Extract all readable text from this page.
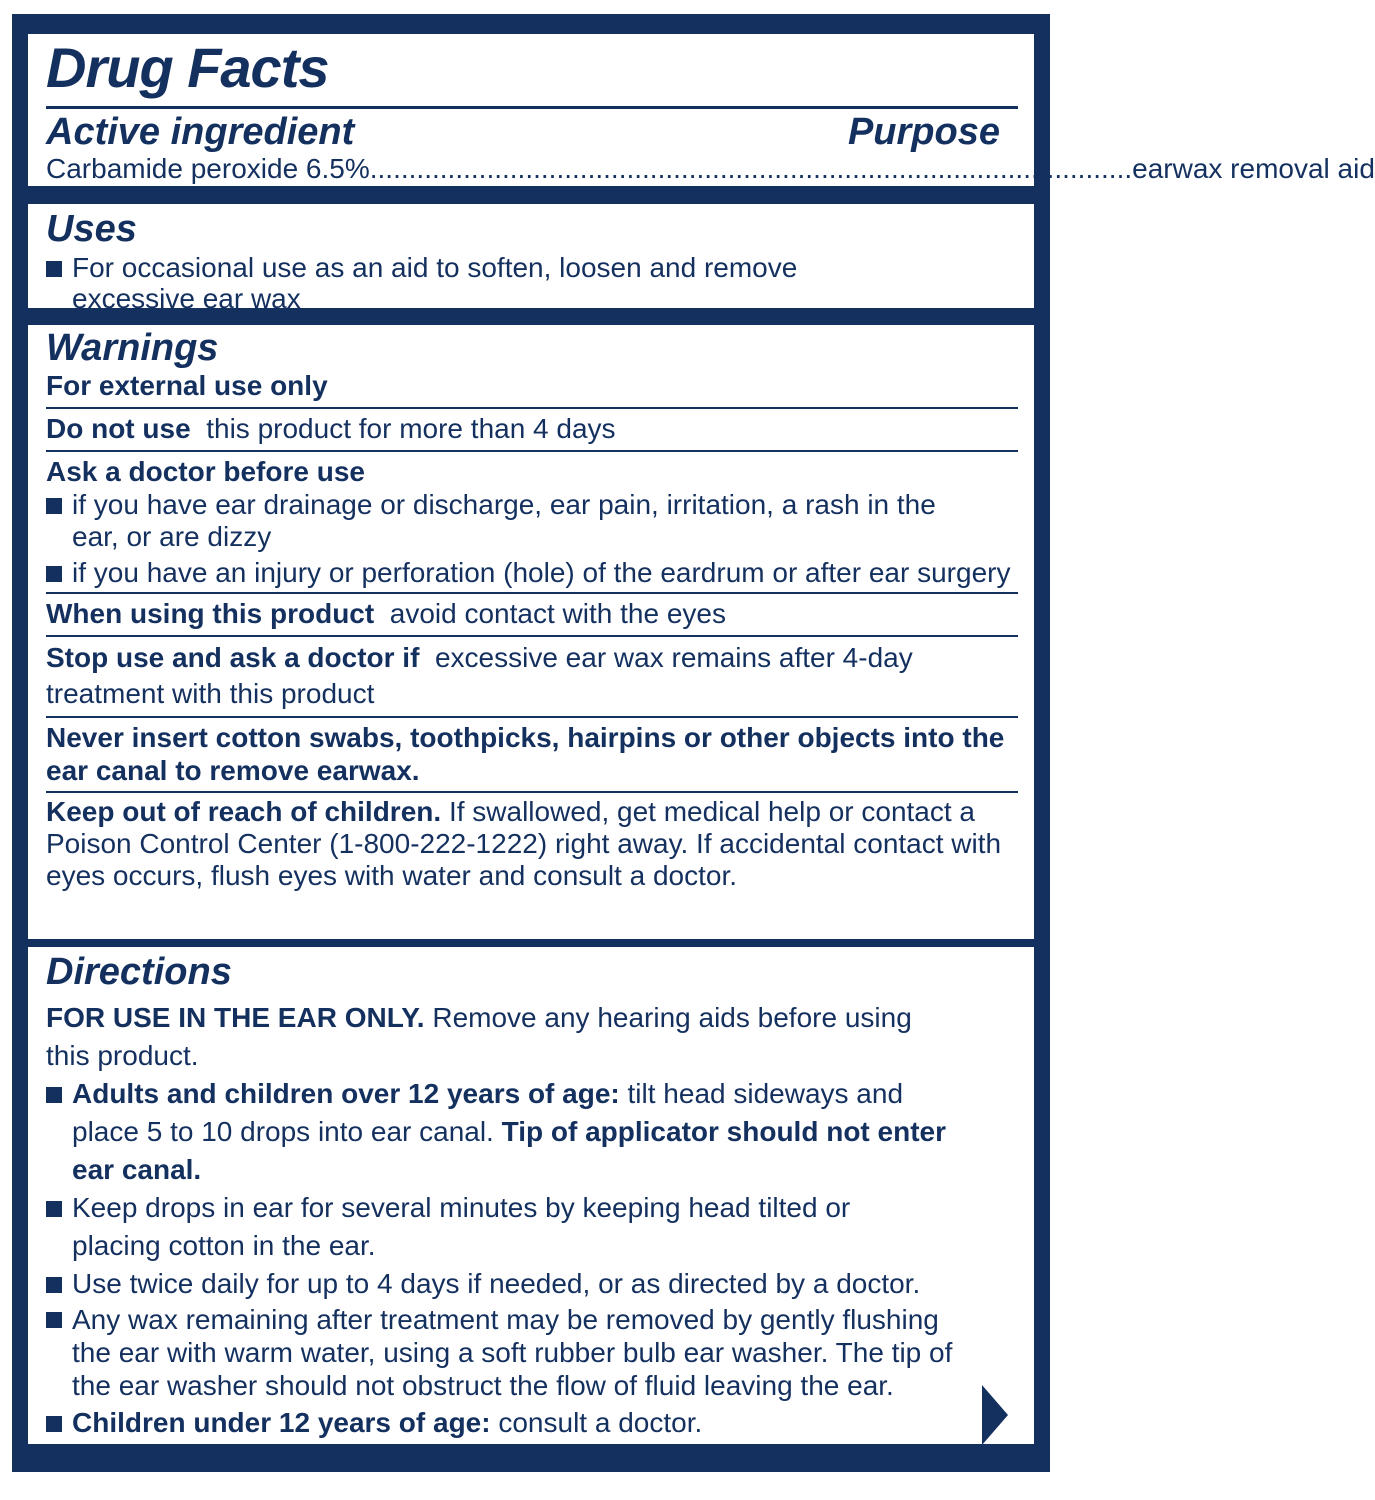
Drug Facts
Active ingredient	Purpose
Carbamide peroxide 6.5% .................................................................................................. earwax removal aid
Uses
For occasional use as an aid to soften, loosen and remove excessive ear wax
Warnings
For external use only
Do not use this product for more than 4 days
Ask a doctor before use
if you have ear drainage or discharge, ear pain, irritation, a rash in the ear, or are dizzy
if you have an injury or perforation (hole) of the eardrum or after ear surgery
When using this product avoid contact with the eyes
Stop use and ask a doctor if excessive ear wax remains after 4-day treatment with this product
Never insert cotton swabs, toothpicks, hairpins or other objects into the ear canal to remove earwax.
Keep out of reach of children. If swallowed, get medical help or contact a Poison Control Center (1-800-222-1222) right away. If accidental contact with eyes occurs, flush eyes with water and consult a doctor.
Directions
FOR USE IN THE EAR ONLY. Remove any hearing aids before using this product.
Adults and children over 12 years of age: tilt head sideways and place 5 to 10 drops into ear canal. Tip of applicator should not enter ear canal.
Keep drops in ear for several minutes by keeping head tilted or placing cotton in the ear.
Use twice daily for up to 4 days if needed, or as directed by a doctor.
Any wax remaining after treatment may be removed by gently flushing the ear with warm water, using a soft rubber bulb ear washer. The tip of the ear washer should not obstruct the flow of fluid leaving the ear.
Children under 12 years of age: consult a doctor.
